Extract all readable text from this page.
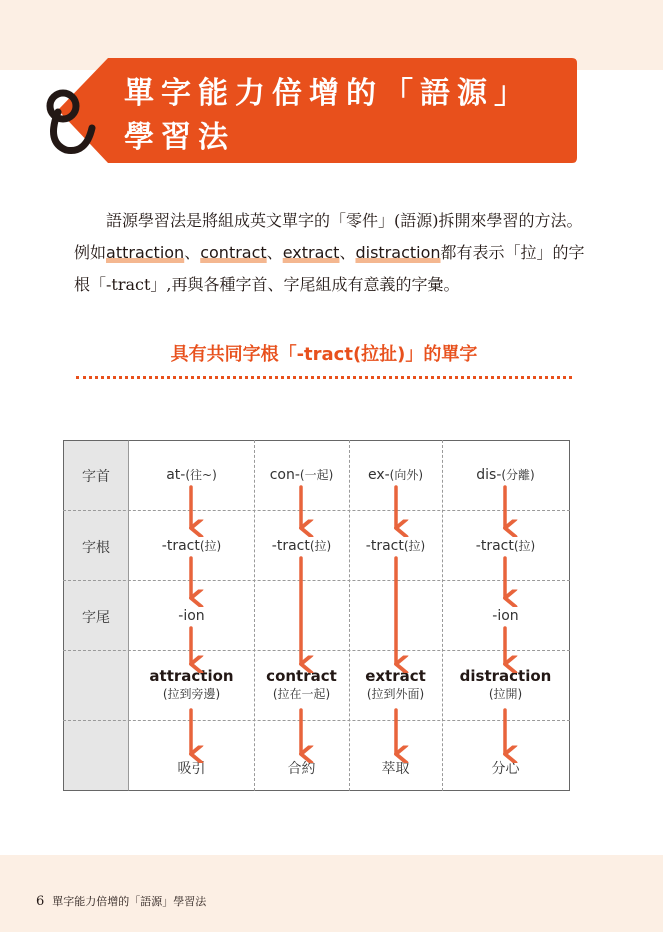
單字能力倍增的「語源」
學習法
語源學習法是將組成英文單字的「零件」(語源)拆開來學習的方法。例如attraction、contract、extract、distraction都有表示「拉」的字根「-tract」,再與各種字首、字尾組成有意義的字彙。
具有共同字根「-tract(拉扯)」的單字
字首
字根
字尾
at-(往~)
-tract(拉)
-ion
attraction
(拉到旁邊)
吸引
con-(一起)
-tract(拉)
contract
(拉在一起)
合約
ex-(向外)
-tract(拉)
extract
(拉到外面)
萃取
dis-(分離)
-tract(拉)
-ion
distraction
(拉開)
分心
6 單字能力倍增的「語源」學習法
